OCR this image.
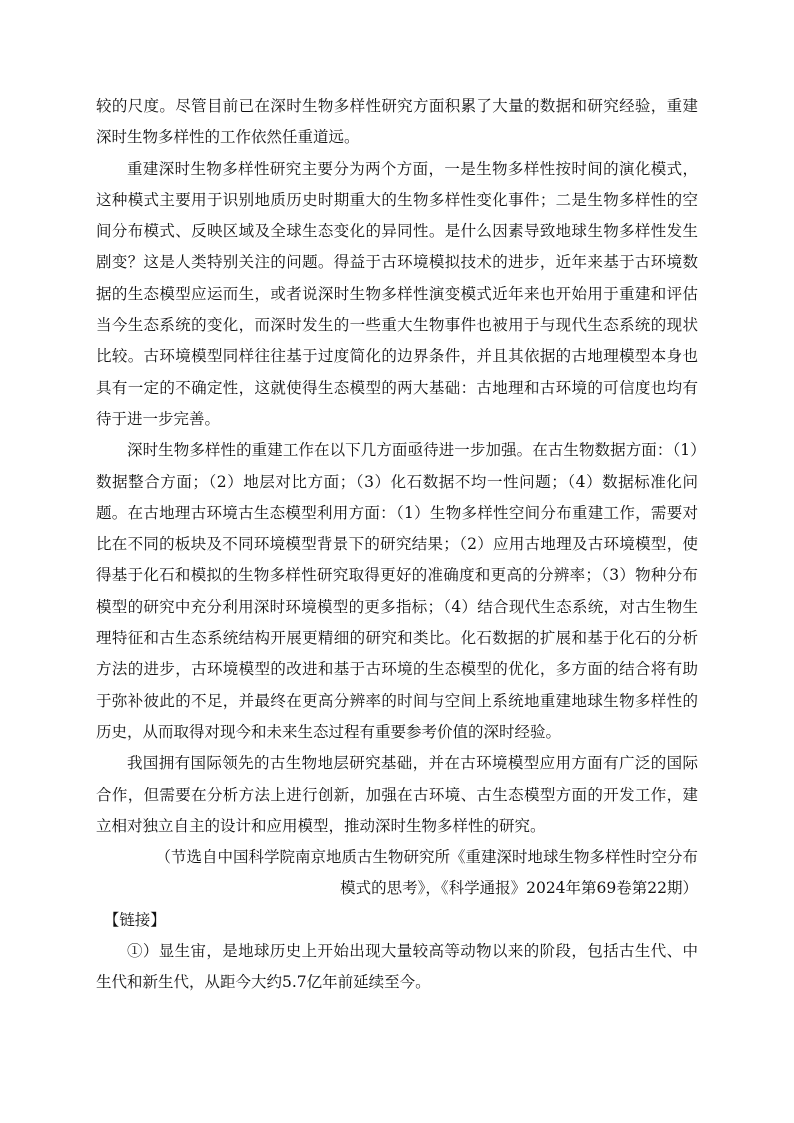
较的尺度。尽管目前已在深时生物多样性研究方面积累了大量的数据和研究经验，重建深时生物多样性的工作依然任重道远。

重建深时生物多样性研究主要分为两个方面，一是生物多样性按时间的演化模式，这种模式主要用于识别地质历史时期重大的生物多样性变化事件；二是生物多样性的空间分布模式、反映区域及全球生态变化的异同性。是什么因素导致地球生物多样性发生剧变？这是人类特别关注的问题。得益于古环境模拟技术的进步，近年来基于古环境数据的生态模型应运而生，或者说深时生物多样性演变模式近年来也开始用于重建和评估当今生态系统的变化，而深时发生的一些重大生物事件也被用于与现代生态系统的现状比较。古环境模型同样往往基于过度简化的边界条件，并且其依据的古地理模型本身也具有一定的不确定性，这就使得生态模型的两大基础：古地理和古环境的可信度也均有待于进一步完善。

深时生物多样性的重建工作在以下几方面亟待进一步加强。在古生物数据方面：（1）数据整合方面；（2）地层对比方面；（3）化石数据不均一性问题；（4）数据标准化问题。在古地理古环境古生态模型利用方面：（1）生物多样性空间分布重建工作，需要对比在不同的板块及不同环境模型背景下的研究结果；（2）应用古地理及古环境模型，使得基于化石和模拟的生物多样性研究取得更好的准确度和更高的分辨率；（3）物种分布模型的研究中充分利用深时环境模型的更多指标；（4）结合现代生态系统，对古生物生理特征和古生态系统结构开展更精细的研究和类比。化石数据的扩展和基于化石的分析方法的进步，古环境模型的改进和基于古环境的生态模型的优化，多方面的结合将有助于弥补彼此的不足，并最终在更高分辨率的时间与空间上系统地重建地球生物多样性的历史，从而取得对现今和未来生态过程有重要参考价值的深时经验。

我国拥有国际领先的古生物地层研究基础，并在古环境模型应用方面有广泛的国际合作，但需要在分析方法上进行创新，加强在古环境、古生态模型方面的开发工作，建立相对独立自主的设计和应用模型，推动深时生物多样性的研究。

（节选自中国科学院南京地质古生物研究所《重建深时地球生物多样性时空分布
模式的思考》，《科学通报》2024年第69卷第22期）

【链接】

①）显生宙，是地球历史上开始出现大量较高等动物以来的阶段，包括古生代、中生代和新生代，从距今大约5.7亿年前延续至今。
